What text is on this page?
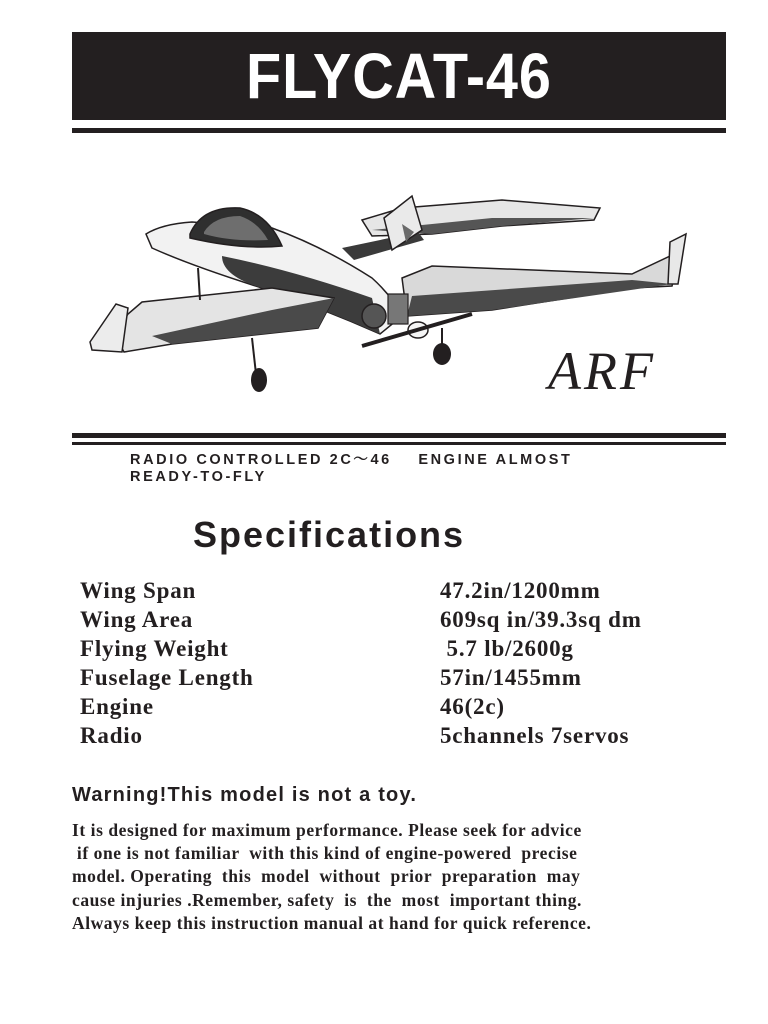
FLYCAT-46
ARF
RADIO CONTROLLED 2C～46    ENGINE ALMOST
READY-TO-FLY
Specifications
Wing Span	47.2in/1200mm
Wing Area	609sq in/39.3sq dm
Flying Weight	5.7 lb/2600g
Fuselage Length	57in/1455mm
Engine	46(2c)
Radio	5channels 7servos
Warning!This model is not a toy.
It is designed for maximum performance. Please seek for advice
if one is not familiar  with this kind of engine-powered  precise
model. Operating  this  model  without  prior  preparation  may
cause injuries .Remember, safety  is  the  most  important thing.
Always keep this instruction manual at hand for quick reference.
